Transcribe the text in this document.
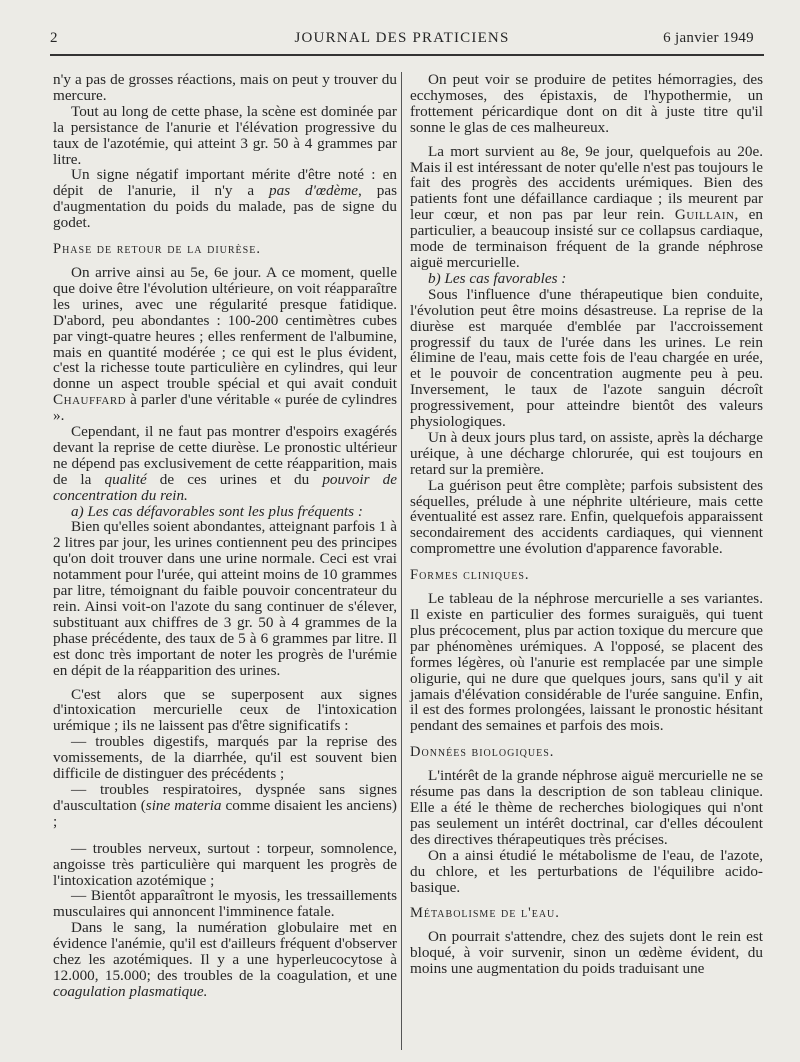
2	JOURNAL DES PRATICIENS	6 janvier 1949

n'y a pas de grosses réactions, mais on peut y trouver du mercure.

Tout au long de cette phase, la scène est dominée par la persistance de l'anurie et l'élévation progressive du taux de l'azotémie, qui atteint 3 gr. 50 à 4 grammes par litre.

Un signe négatif important mérite d'être noté : en dépit de l'anurie, il n'y a pas d'œdème, pas d'augmentation du poids du malade, pas de signe du godet.

Phase de retour de la diurèse.

On arrive ainsi au 5e, 6e jour. A ce moment, quelle que doive être l'évolution ultérieure, on voit réapparaître les urines, avec une régularité presque fatidique. D'abord, peu abondantes : 100-200 centimètres cubes par vingt-quatre heures ; elles renferment de l'albumine, mais en quantité modérée ; ce qui est le plus évident, c'est la richesse toute particulière en cylindres, qui leur donne un aspect trouble spécial et qui avait conduit Chauffard à parler d'une véritable « purée de cylindres ».

Cependant, il ne faut pas montrer d'espoirs exagérés devant la reprise de cette diurèse. Le pronostic ultérieur ne dépend pas exclusivement de cette réapparition, mais de la qualité de ces urines et du pouvoir de concentration du rein.

a) Les cas défavorables sont les plus fréquents :

Bien qu'elles soient abondantes, atteignant parfois 1 à 2 litres par jour, les urines contiennent peu des principes qu'on doit trouver dans une urine normale. Ceci est vrai notamment pour l'urée, qui atteint moins de 10 grammes par litre, témoignant du faible pouvoir concentrateur du rein. Ainsi voit-on l'azote du sang continuer de s'élever, substituant aux chiffres de 3 gr. 50 à 4 grammes de la phase précédente, des taux de 5 à 6 grammes par litre. Il est donc très important de noter les progrès de l'urémie en dépit de la réapparition des urines.

C'est alors que se superposent aux signes d'intoxication mercurielle ceux de l'intoxication urémique ; ils ne laissent pas d'être significatifs :

— troubles digestifs, marqués par la reprise des vomissements, de la diarrhée, qu'il est souvent bien difficile de distinguer des précédents ;

— troubles respiratoires, dyspnée sans signes d'auscultation (sine materia comme disaient les anciens) ;

— troubles nerveux, surtout : torpeur, somnolence, angoisse très particulière qui marquent les progrès de l'intoxication azotémique ;

— Bientôt apparaîtront le myosis, les tressaillements musculaires qui annoncent l'imminence fatale.

Dans le sang, la numération globulaire met en évidence l'anémie, qu'il est d'ailleurs fréquent d'observer chez les azotémiques. Il y a une hyperleucocytose à 12.000, 15.000; des troubles de la coagulation, et une coagulation plasmatique.

On peut voir se produire de petites hémorragies, des ecchymoses, des épistaxis, de l'hypothermie, un frottement péricardique dont on dit à juste titre qu'il sonne le glas de ces malheureux.

La mort survient au 8e, 9e jour, quelquefois au 20e. Mais il est intéressant de noter qu'elle n'est pas toujours le fait des progrès des accidents urémiques. Bien des patients font une défaillance cardiaque ; ils meurent par leur cœur, et non pas par leur rein. Guillain, en particulier, a beaucoup insisté sur ce collapsus cardiaque, mode de terminaison fréquent de la grande néphrose aiguë mercurielle.

b) Les cas favorables :

Sous l'influence d'une thérapeutique bien conduite, l'évolution peut être moins désastreuse. La reprise de la diurèse est marquée d'emblée par l'accroissement progressif du taux de l'urée dans les urines. Le rein élimine de l'eau, mais cette fois de l'eau chargée en urée, et le pouvoir de concentration augmente peu à peu. Inversement, le taux de l'azote sanguin décroît progressivement, pour atteindre bientôt des valeurs physiologiques.

Un à deux jours plus tard, on assiste, après la décharge uréique, à une décharge chlorurée, qui est toujours en retard sur la première.

La guérison peut être complète; parfois subsistent des séquelles, prélude à une néphrite ultérieure, mais cette éventualité est assez rare. Enfin, quelquefois apparaissent secondairement des accidents cardiaques, qui viennent compromettre une évolution d'apparence favorable.

Formes cliniques.

Le tableau de la néphrose mercurielle a ses variantes. Il existe en particulier des formes suraiguës, qui tuent plus précocement, plus par action toxique du mercure que par phénomènes urémiques. A l'opposé, se placent des formes légères, où l'anurie est remplacée par une simple oligurie, qui ne dure que quelques jours, sans qu'il y ait jamais d'élévation considérable de l'urée sanguine. Enfin, il est des formes prolongées, laissant le pronostic hésitant pendant des semaines et parfois des mois.

Données biologiques.

L'intérêt de la grande néphrose aiguë mercurielle ne se résume pas dans la description de son tableau clinique. Elle a été le thème de recherches biologiques qui n'ont pas seulement un intérêt doctrinal, car d'elles découlent des directives thérapeutiques très précises.

On a ainsi étudié le métabolisme de l'eau, de l'azote, du chlore, et les perturbations de l'équilibre acido-basique.

Métabolisme de l'eau.

On pourrait s'attendre, chez des sujets dont le rein est bloqué, à voir survenir, sinon un œdème évident, du moins une augmentation du poids traduisant une
